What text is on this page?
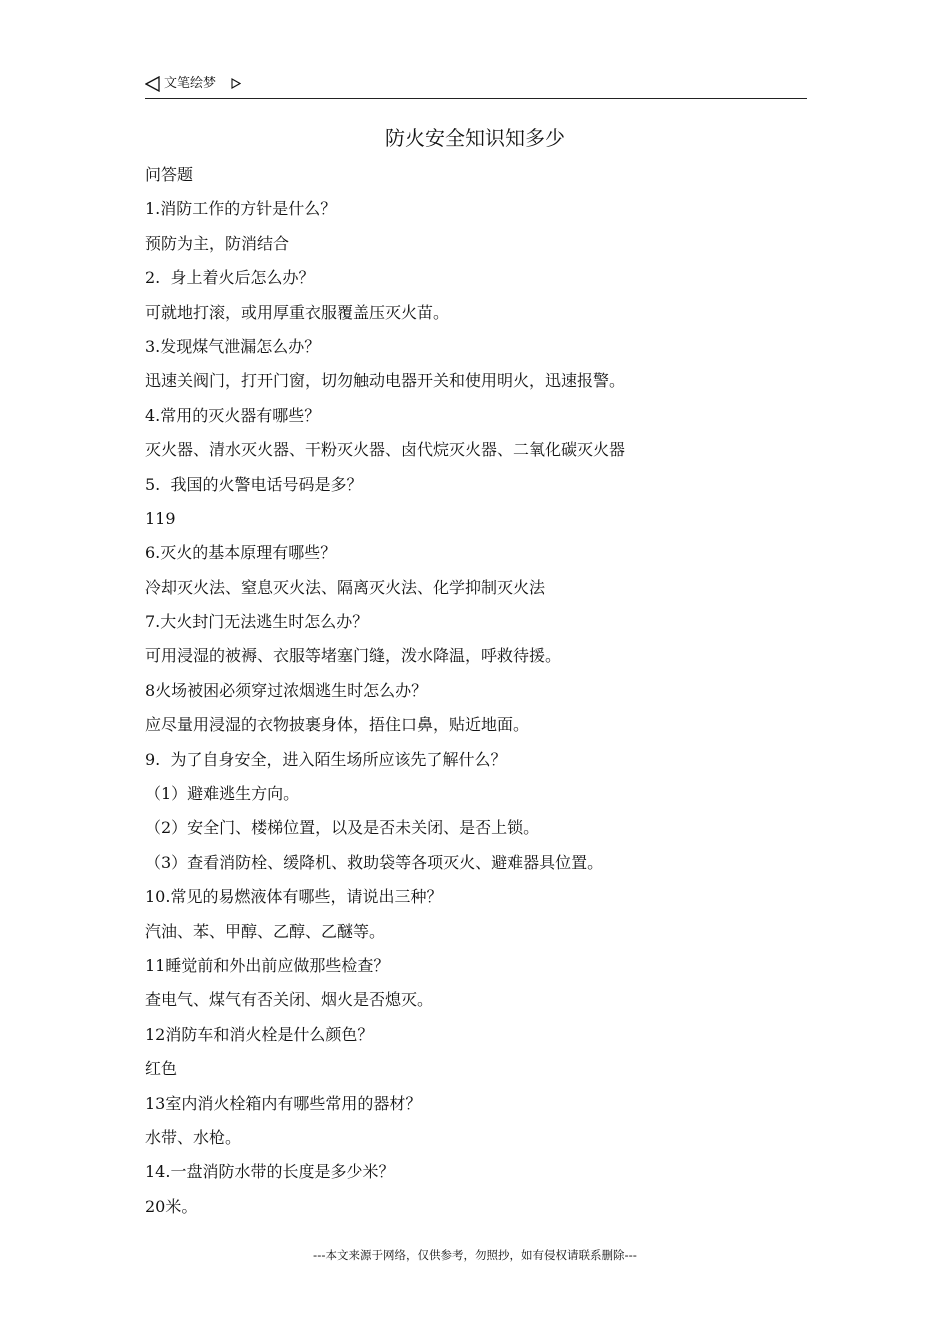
文笔绘梦
防火安全知识知多少
问答题
1.消防工作的方针是什么？
预防为主，防消结合
2.  身上着火后怎么办？
可就地打滚，或用厚重衣服覆盖压灭火苗。
3.发现煤气泄漏怎么办？
迅速关阀门，打开门窗，切勿触动电器开关和使用明火，迅速报警。
4.常用的灭火器有哪些？
灭火器、清水灭火器、干粉灭火器、卤代烷灭火器、二氧化碳灭火器
5.  我国的火警电话号码是多？
119
6.灭火的基本原理有哪些？
冷却灭火法、窒息灭火法、隔离灭火法、化学抑制灭火法
7.大火封门无法逃生时怎么办？
可用浸湿的被褥、衣服等堵塞门缝，泼水降温，呼救待援。
8火场被困必须穿过浓烟逃生时怎么办？
应尽量用浸湿的衣物披裹身体，捂住口鼻，贴近地面。
9.  为了自身安全，进入陌生场所应该先了解什么？
（1）避难逃生方向。
（2）安全门、楼梯位置，以及是否未关闭、是否上锁。
（3）查看消防栓、缓降机、救助袋等各项灭火、避难器具位置。
10.常见的易燃液体有哪些，请说出三种？
汽油、苯、甲醇、乙醇、乙醚等。
11睡觉前和外出前应做那些检查？
查电气、煤气有否关闭、烟火是否熄灭。
12消防车和消火栓是什么颜色？
红色
13室内消火栓箱内有哪些常用的器材？
水带、水枪。
14.一盘消防水带的长度是多少米？
20米。
---本文来源于网络，仅供参考，勿照抄，如有侵权请联系删除---
